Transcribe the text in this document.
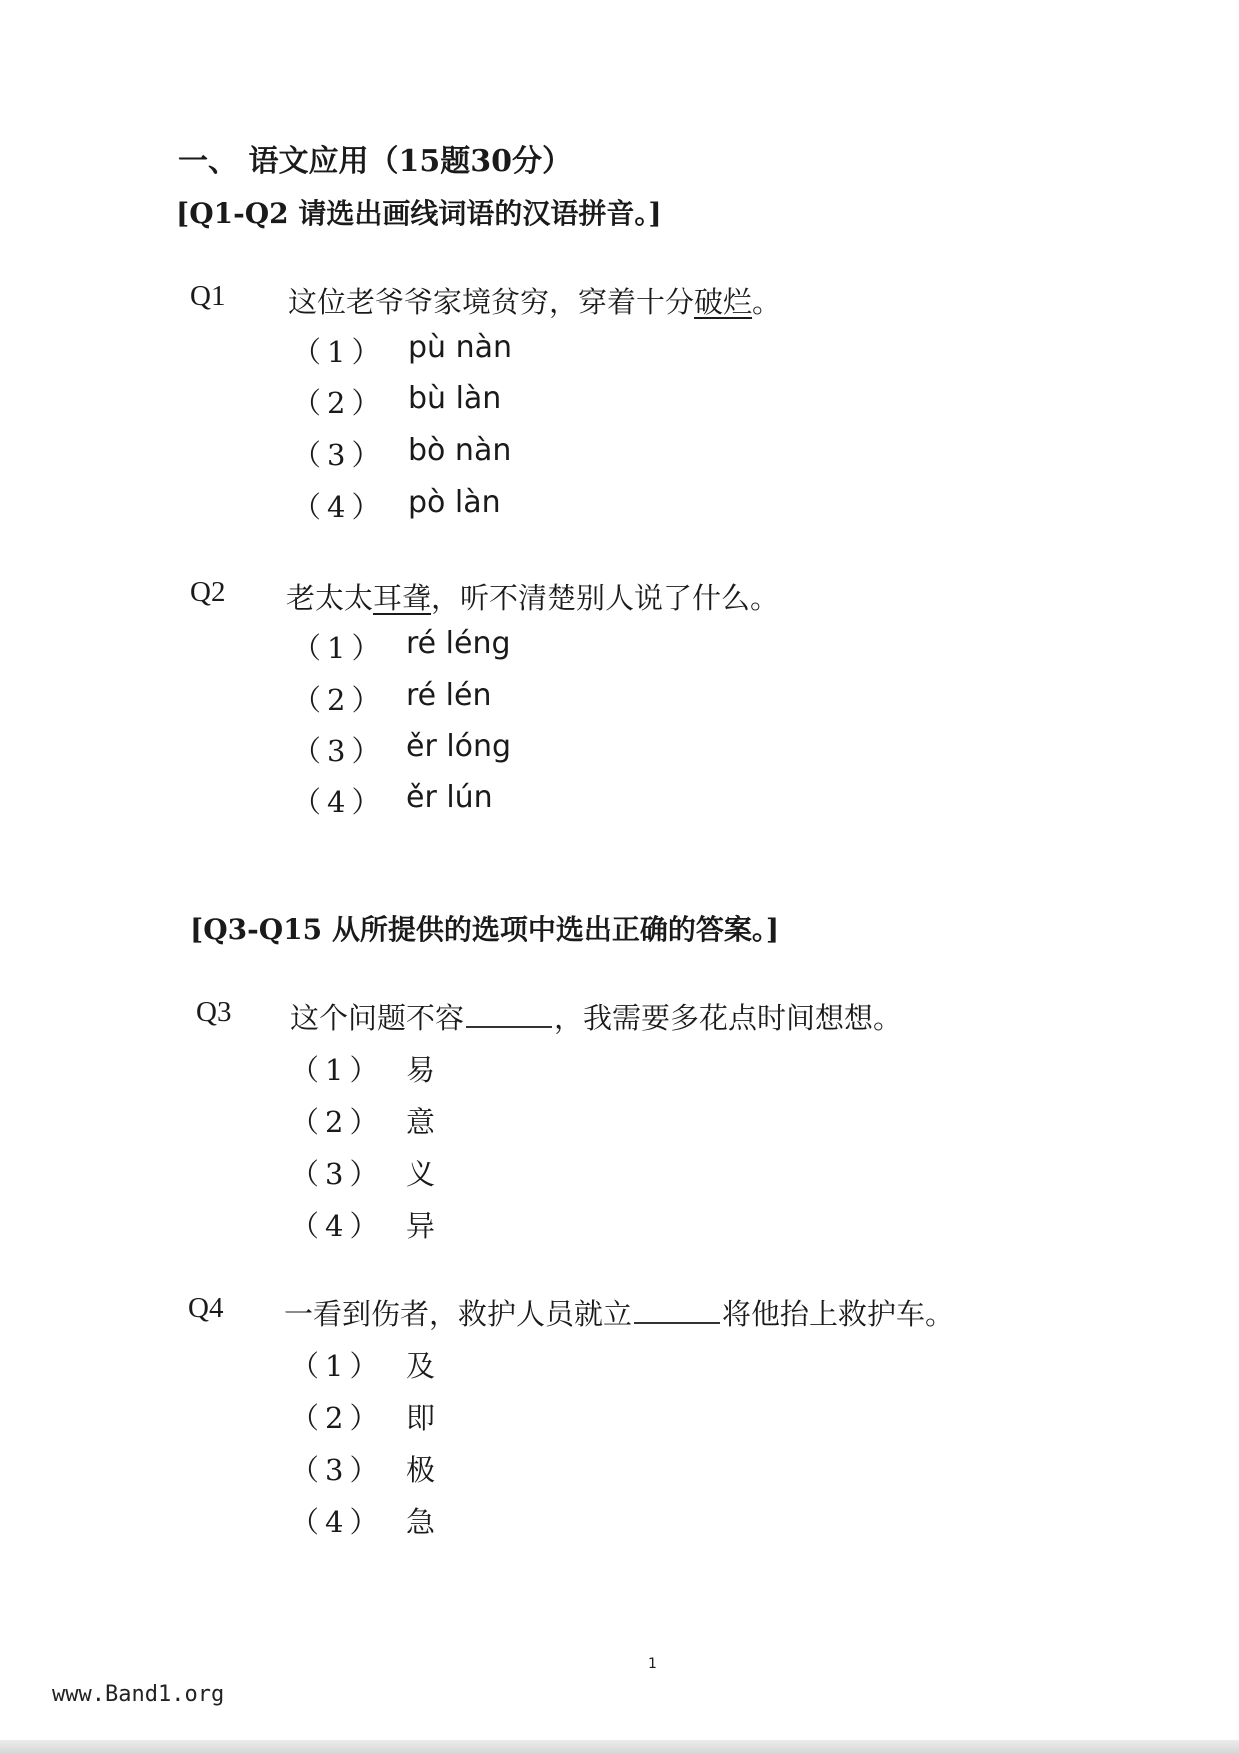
一、 语文应用（15题30分）
[Q1-Q2 请选出画线词语的汉语拼音。]
Q1 这位老爷爷家境贫穷，穿着十分破烂。
（1） pù nàn
（2） bù làn
（3） bò nàn
（4） pò làn
Q2 老太太耳聋，听不清楚别人说了什么。
（1） ré léng
（2） ré lén
（3） ěr lóng
（4） ěr lún
[Q3-Q15 从所提供的选项中选出正确的答案。]
Q3 这个问题不容	，我需要多花点时间想想。
（1） 易
（2） 意
（3） 义
（4） 异
Q4 一看到伤者，救护人员就立	将他抬上救护车。
（1） 及
（2） 即
（3） 极
（4） 急
1
www.Band1.org
